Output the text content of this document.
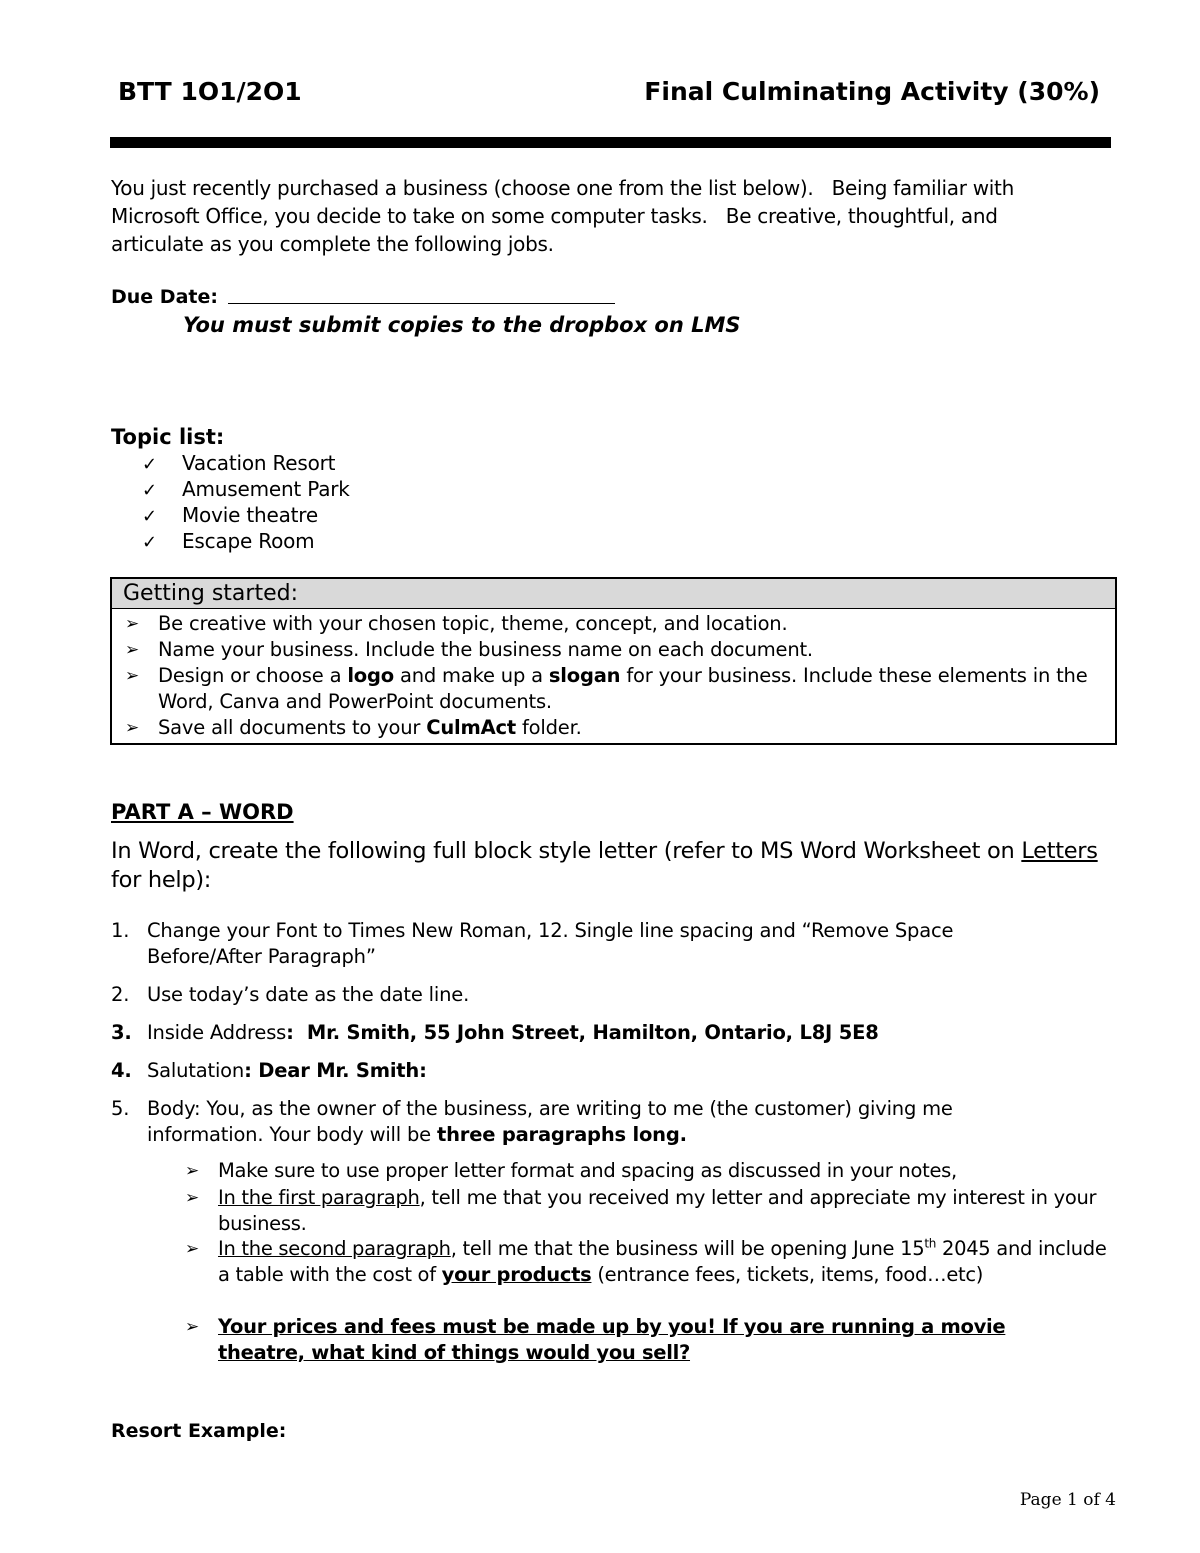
BTT 1O1/2O1	Final Culminating Activity (30%)
You just recently purchased a business (choose one from the list below).   Being familiar with
Microsoft Office, you decide to take on some computer tasks.   Be creative, thoughtful, and
articulate as you complete the following jobs.
Due Date:
You must submit copies to the dropbox on LMS
Topic list:
✓ Vacation Resort
✓ Amusement Park
✓ Movie theatre
✓ Escape Room
Getting started:
➢ Be creative with your chosen topic, theme, concept, and location.
➢ Name your business. Include the business name on each document.
➢ Design or choose a logo and make up a slogan for your business. Include these elements in the Word, Canva and PowerPoint documents.
➢ Save all documents to your CulmAct folder.
PART A – WORD
In Word, create the following full block style letter (refer to MS Word Worksheet on Letters for help):
1. Change your Font to Times New Roman, 12. Single line spacing and “Remove Space Before/After Paragraph”
2. Use today’s date as the date line.
3. Inside Address:  Mr. Smith, 55 John Street, Hamilton, Ontario, L8J 5E8
4. Salutation: Dear Mr. Smith:
5. Body: You, as the owner of the business, are writing to me (the customer) giving me information. Your body will be three paragraphs long.
➢ Make sure to use proper letter format and spacing as discussed in your notes,
➢ In the first paragraph, tell me that you received my letter and appreciate my interest in your business.
➢ In the second paragraph, tell me that the business will be opening June 15th 2045 and include a table with the cost of your products (entrance fees, tickets, items, food…etc)
➢ Your prices and fees must be made up by you! If you are running a movie theatre, what kind of things would you sell?
Resort Example:
Page 1 of 4
